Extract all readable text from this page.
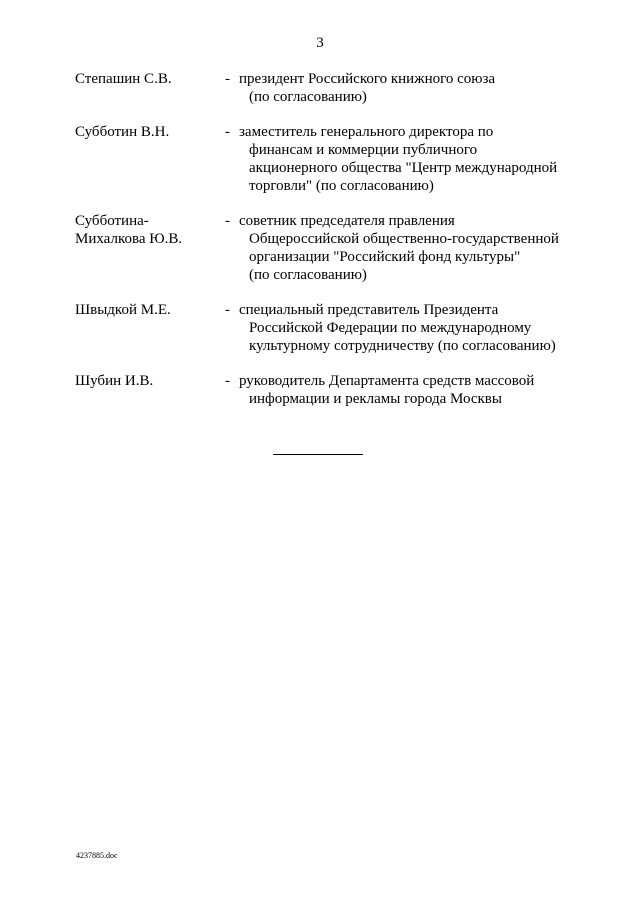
3
Степашин С.В.	- президент Российского книжного союза
(по согласованию)
Субботин В.Н.	- заместитель генерального директора по
финансам и коммерции публичного
акционерного общества "Центр международной
торговли" (по согласованию)
Субботина-
Михалкова Ю.В.
- советник председателя правления
Общероссийской общественно-государственной
организации "Российский фонд культуры"
(по согласованию)
Швыдкой М.Е.	- специальный представитель Президента
Российской Федерации по международному
культурному сотрудничеству (по согласованию)
Шубин И.В.	- руководитель Департамента средств массовой
информации и рекламы города Москвы
4237885.doc
